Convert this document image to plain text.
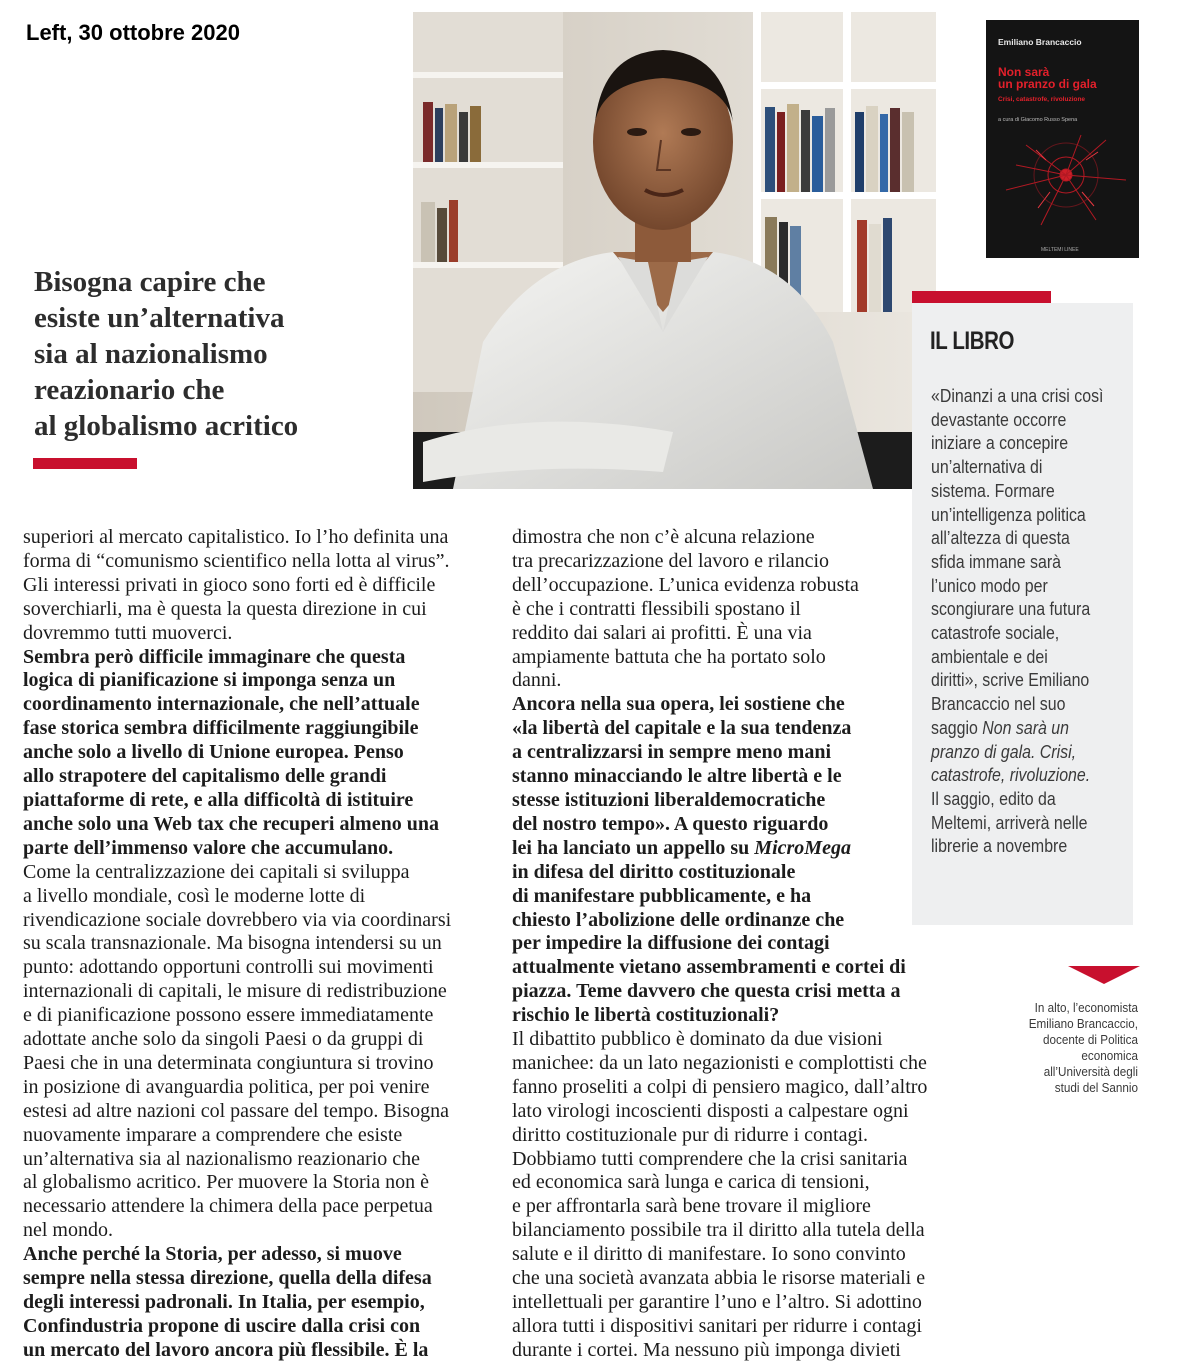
Left, 30 ottobre 2020
Bisogna capire che
esiste un’alternativa
sia al nazionalismo
reazionario che
al globalismo acritico
Emiliano Brancaccio
Non sarà
un pranzo di gala
Crisi, catastrofe, rivoluzione
a cura di Giacomo Russo Spena
MELTEMI LINEE
IL LIBRO
«Dinanzi a una crisi così
devastante occorre
iniziare a concepire
un’alternativa di
sistema. Formare
un’intelligenza politica
all’altezza di questa
sfida immane sarà
l’unico modo per
scongiurare una futura
catastrofe sociale,
ambientale e dei
diritti», scrive Emiliano
Brancaccio nel suo
saggio Non sarà un
pranzo di gala. Crisi,
catastrofe, rivoluzione.
Il saggio, edito da
Meltemi, arriverà nelle
librerie a novembre
In alto, l’economista
Emiliano Brancaccio,
docente di Politica
economica
all’Università degli
studi del Sannio

superiori al mercato capitalistico. Io l’ho definita una
forma di “comunismo scientifico nella lotta al virus”.
Gli interessi privati in gioco sono forti ed è difficile
soverchiarli, ma è questa la questa direzione in cui
dovremmo tutti muoverci.

Sembra però difficile immaginare che questa
logica di pianificazione si imponga senza un
coordinamento internazionale, che nell’attuale
fase storica sembra difficilmente raggiungibile
anche solo a livello di Unione europea. Penso
allo strapotere del capitalismo delle grandi
piattaforme di rete, e alla difficoltà di istituire
anche solo una Web tax che recuperi almeno una
parte dell’immenso valore che accumulano.

Come la centralizzazione dei capitali si sviluppa
a livello mondiale, così le moderne lotte di
rivendicazione sociale dovrebbero via via coordinarsi
su scala transnazionale. Ma bisogna intendersi su un
punto: adottando opportuni controlli sui movimenti
internazionali di capitali, le misure di redistribuzione
e di pianificazione possono essere immediatamente
adottate anche solo da singoli Paesi o da gruppi di
Paesi che in una determinata congiuntura si trovino
in posizione di avanguardia politica, per poi venire
estesi ad altre nazioni col passare del tempo. Bisogna
nuovamente imparare a comprendere che esiste
un’alternativa sia al nazionalismo reazionario che
al globalismo acritico. Per muovere la Storia non è
necessario attendere la chimera della pace perpetua
nel mondo.

Anche perché la Storia, per adesso, si muove
sempre nella stessa direzione, quella della difesa
degli interessi padronali. In Italia, per esempio,
Confindustria propone di uscire dalla crisi con
un mercato del lavoro ancora più flessibile. È la

dimostra che non c’è alcuna relazione
tra precarizzazione del lavoro e rilancio
dell’occupazione. L’unica evidenza robusta
è che i contratti flessibili spostano il
reddito dai salari ai profitti. È una via
ampiamente battuta che ha portato solo
danni.

Ancora nella sua opera, lei sostiene che
«la libertà del capitale e la sua tendenza
a centralizzarsi in sempre meno mani
stanno minacciando le altre libertà e le
stesse istituzioni liberaldemocratiche
del nostro tempo». A questo riguardo
lei ha lanciato un appello su MicroMega
in difesa del diritto costituzionale
di manifestare pubblicamente, e ha
chiesto l’abolizione delle ordinanze che
per impedire la diffusione dei contagi
attualmente vietano assembramenti e cortei di
piazza. Teme davvero che questa crisi metta a
rischio le libertà costituzionali?

Il dibattito pubblico è dominato da due visioni
manichee: da un lato negazionisti e complottisti che
fanno proseliti a colpi di pensiero magico, dall’altro
lato virologi incoscienti disposti a calpestare ogni
diritto costituzionale pur di ridurre i contagi.
Dobbiamo tutti comprendere che la crisi sanitaria
ed economica sarà lunga e carica di tensioni,
e per affrontarla sarà bene trovare il migliore
bilanciamento possibile tra il diritto alla tutela della
salute e il diritto di manifestare. Io sono convinto
che una società avanzata abbia le risorse materiali e
intellettuali per garantire l’uno e l’altro. Si adottino
allora tutti i dispositivi sanitari per ridurre i contagi
durante i cortei. Ma nessuno più imponga divieti
